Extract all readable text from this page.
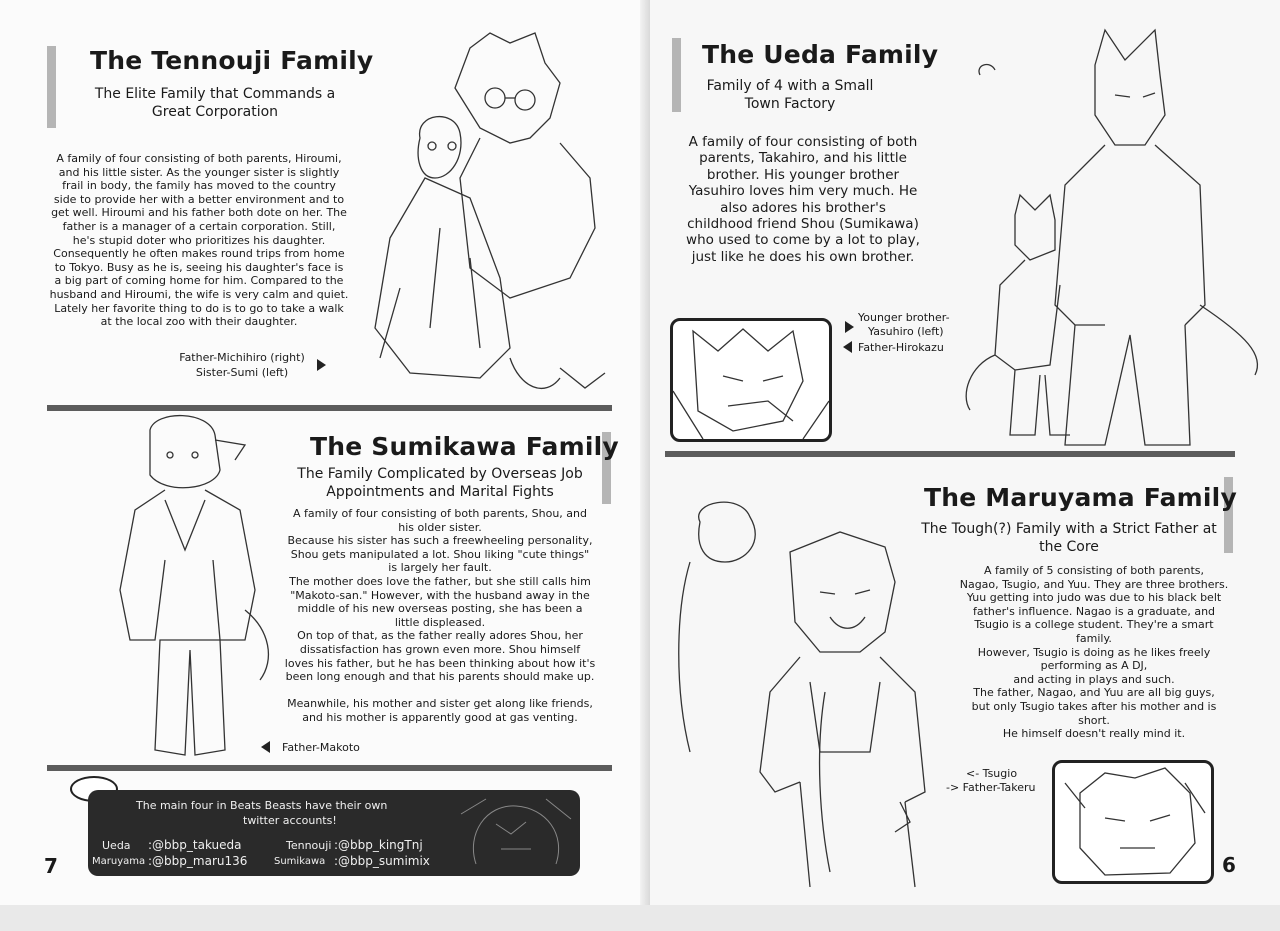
The Tennouji Family
The Elite Family that Commands a
Great Corporation

A family of four consisting of both parents, Hiroumi,

and his little sister. As the younger sister is slightly

frail in body, the family has moved to the country

side to provide her with a better environment and to

get well. Hiroumi and his father both dote on her. The

father is a manager of a certain corporation. Still,

he's stupid doter who prioritizes his daughter.

Consequently he often makes round trips from home

to Tokyo. Busy as he is, seeing his daughter's face is

a big part of coming home for him. Compared to the

husband and Hiroumi, the wife is very calm and quiet.

Lately her favorite thing to do is to go to take a walk

at the local zoo with their daughter.

Father-Michihiro (right)
Sister-Sumi (left)
The Sumikawa Family
The Family Complicated by Overseas Job
Appointments and Marital Fights

A family of four consisting of both parents, Shou, and

his older sister.

Because his sister has such a freewheeling personality,

Shou gets manipulated a lot. Shou liking "cute things"

is largely her fault.

The mother does love the father, but she still calls him

"Makoto-san." However, with the husband away in the

middle of his new overseas posting, she has been a

little displeased.

On top of that, as the father really adores Shou, her

dissatisfaction has grown even more. Shou himself

loves his father, but he has been thinking about how it's

been long enough and that his parents should make up.

Meanwhile, his mother and sister get along like friends,

and his mother is apparently good at gas venting.

Father-Makoto
The main four in Beats Beasts have their own
twitter accounts!
Ueda :@bbp_takueda
Maruyama :@bbp_maru136
Tennouji :@bbp_kingTnj
Sumikawa :@bbp_sumimix
7
The Ueda Family
Family of 4 with a Small
Town Factory

A family of four consisting of both

parents, Takahiro, and his little

brother. His younger brother

Yasuhiro loves him very much. He

also adores his brother's

childhood friend Shou (Sumikawa)

who used to come by a lot to play,

just like he does his own brother.

Younger brother-
Yasuhiro (left)
Father-Hirokazu
The Maruyama Family
The Tough(?) Family with a Strict Father at
the Core

A family of 5 consisting of both parents,

Nagao, Tsugio, and Yuu. They are three brothers.

Yuu getting into judo was due to his black belt

father's influence. Nagao is a graduate, and

Tsugio is a college student. They're a smart

family.

However, Tsugio is doing as he likes freely

performing as A DJ,

and acting in plays and such.

The father, Nagao, and Yuu are all big guys,

but only Tsugio takes after his mother and is

short.

He himself doesn't really mind it.

<- Tsugio
-> Father-Takeru
6
